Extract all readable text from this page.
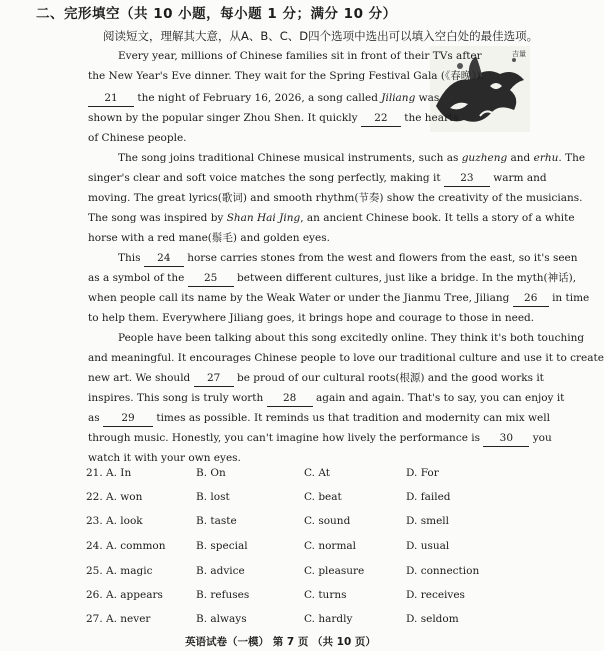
二、完形填空（共 10 小题，每小题 1 分；满分 10 分）
阅读短文，理解其大意，从A、B、C、D四个选项中选出可以填入空白处的最佳选项。
吉量
Every year, millions of Chinese families sit in front of their TVs after
the New Year's Eve dinner. They wait for the Spring Festival Gala (《春晚》).
21 the night of February 16, 2026, a song called Jiliang was
shown by the popular singer Zhou Shen. It quickly 22 the hearts
of Chinese people.
The song joins traditional Chinese musical instruments, such as guzheng and erhu. The
singer's clear and soft voice matches the song perfectly, making it 23 warm and
moving. The great lyrics(歌词) and smooth rhythm(节奏) show the creativity of the musicians.
The song was inspired by Shan Hai Jing, an ancient Chinese book. It tells a story of a white
horse with a red mane(鬃毛) and golden eyes.
This 24 horse carries stones from the west and flowers from the east, so it's seen
as a symbol of the 25 between different cultures, just like a bridge. In the myth(神话),
when people call its name by the Weak Water or under the Jianmu Tree, Jiliang 26 in time
to help them. Everywhere Jiliang goes, it brings hope and courage to those in need.
People have been talking about this song excitedly online. They think it's both touching
and meaningful. It encourages Chinese people to love our traditional culture and use it to create
new art. We should 27 be proud of our cultural roots(根源) and the good works it
inspires. This song is truly worth 28 again and again. That's to say, you can enjoy it
as 29 times as possible. It reminds us that tradition and modernity can mix well
through music. Honestly, you can't imagine how lively the performance is 30 you
watch it with your own eyes.
21. A. In	B. On	C. At	D. For
22. A. won	B. lost	C. beat	D. failed
23. A. look	B. taste	C. sound	D. smell
24. A. common	B. special	C. normal	D. usual
25. A. magic	B. advice	C. pleasure	D. connection
26. A. appears	B. refuses	C. turns	D. receives
27. A. never	B. always	C. hardly	D. seldom
英语试卷（一模） 第 7 页 （共 10 页）
